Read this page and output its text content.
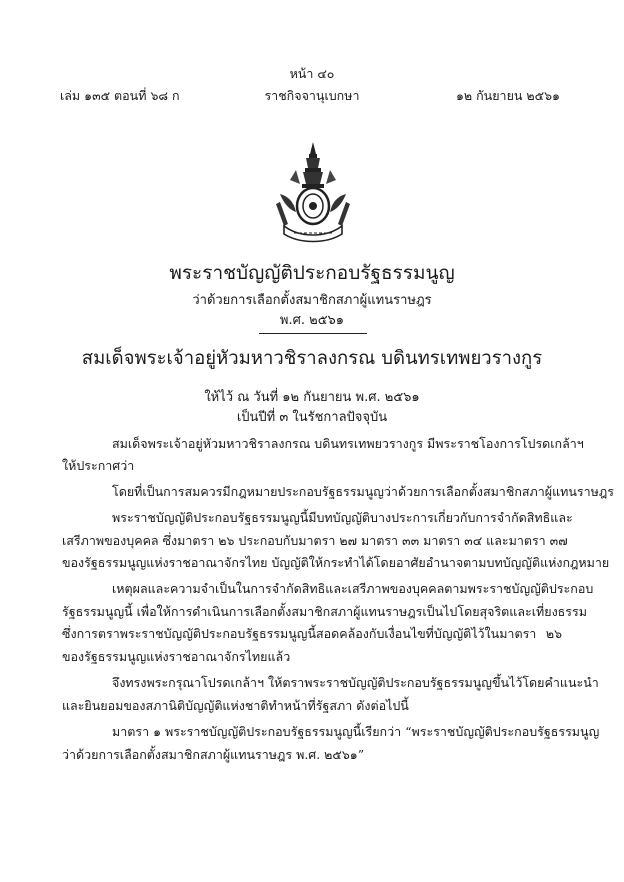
หน้า ๔๐
เล่ม ๑๓๕ ตอนที่ ๖๘ ก	ราชกิจจานุเบกษา	๑๒ กันยายน ๒๕๖๑
พระราชบัญญัติประกอบรัฐธรรมนูญ
ว่าด้วยการเลือกตั้งสมาชิกสภาผู้แทนราษฎร
พ.ศ. ๒๕๖๑
สมเด็จพระเจ้าอยู่หัวมหาวชิราลงกรณ บดินทรเทพยวรางกูร
ให้ไว้ ณ วันที่ ๑๒ กันยายน พ.ศ. ๒๕๖๑
เป็นปีที่ ๓ ในรัชกาลปัจจุบัน
สมเด็จพระเจ้าอยู่หัวมหาวชิราลงกรณ บดินทรเทพยวรางกูร มีพระราชโองการโปรดเกล้าฯ
ให้ประกาศว่า
โดยที่เป็นการสมควรมีกฎหมายประกอบรัฐธรรมนูญว่าด้วยการเลือกตั้งสมาชิกสภาผู้แทนราษฎร
พระราชบัญญัติประกอบรัฐธรรมนูญนี้มีบทบัญญัติบางประการเกี่ยวกับการจำกัดสิทธิและ
เสรีภาพของบุคคล ซึ่งมาตรา ๒๖ ประกอบกับมาตรา ๒๗ มาตรา ๓๓ มาตรา ๓๔ และมาตรา ๓๗
ของรัฐธรรมนูญแห่งราชอาณาจักรไทย บัญญัติให้กระทำได้โดยอาศัยอำนาจตามบทบัญญัติแห่งกฎหมาย
เหตุผลและความจำเป็นในการจำกัดสิทธิและเสรีภาพของบุคคลตามพระราชบัญญัติประกอบ
รัฐธรรมนูญนี้ เพื่อให้การดำเนินการเลือกตั้งสมาชิกสภาผู้แทนราษฎรเป็นไปโดยสุจริตและเที่ยงธรรม
ซึ่งการตราพระราชบัญญัติประกอบรัฐธรรมนูญนี้สอดคล้องกับเงื่อนไขที่บัญญัติไว้ในมาตรา ๒๖
ของรัฐธรรมนูญแห่งราชอาณาจักรไทยแล้ว
จึงทรงพระกรุณาโปรดเกล้าฯ ให้ตราพระราชบัญญัติประกอบรัฐธรรมนูญขึ้นไว้โดยคำแนะนำ
และยินยอมของสภานิติบัญญัติแห่งชาติทำหน้าที่รัฐสภา ดังต่อไปนี้
มาตรา ๑ พระราชบัญญัติประกอบรัฐธรรมนูญนี้เรียกว่า “พระราชบัญญัติประกอบรัฐธรรมนูญ
ว่าด้วยการเลือกตั้งสมาชิกสภาผู้แทนราษฎร พ.ศ. ๒๕๖๑”
